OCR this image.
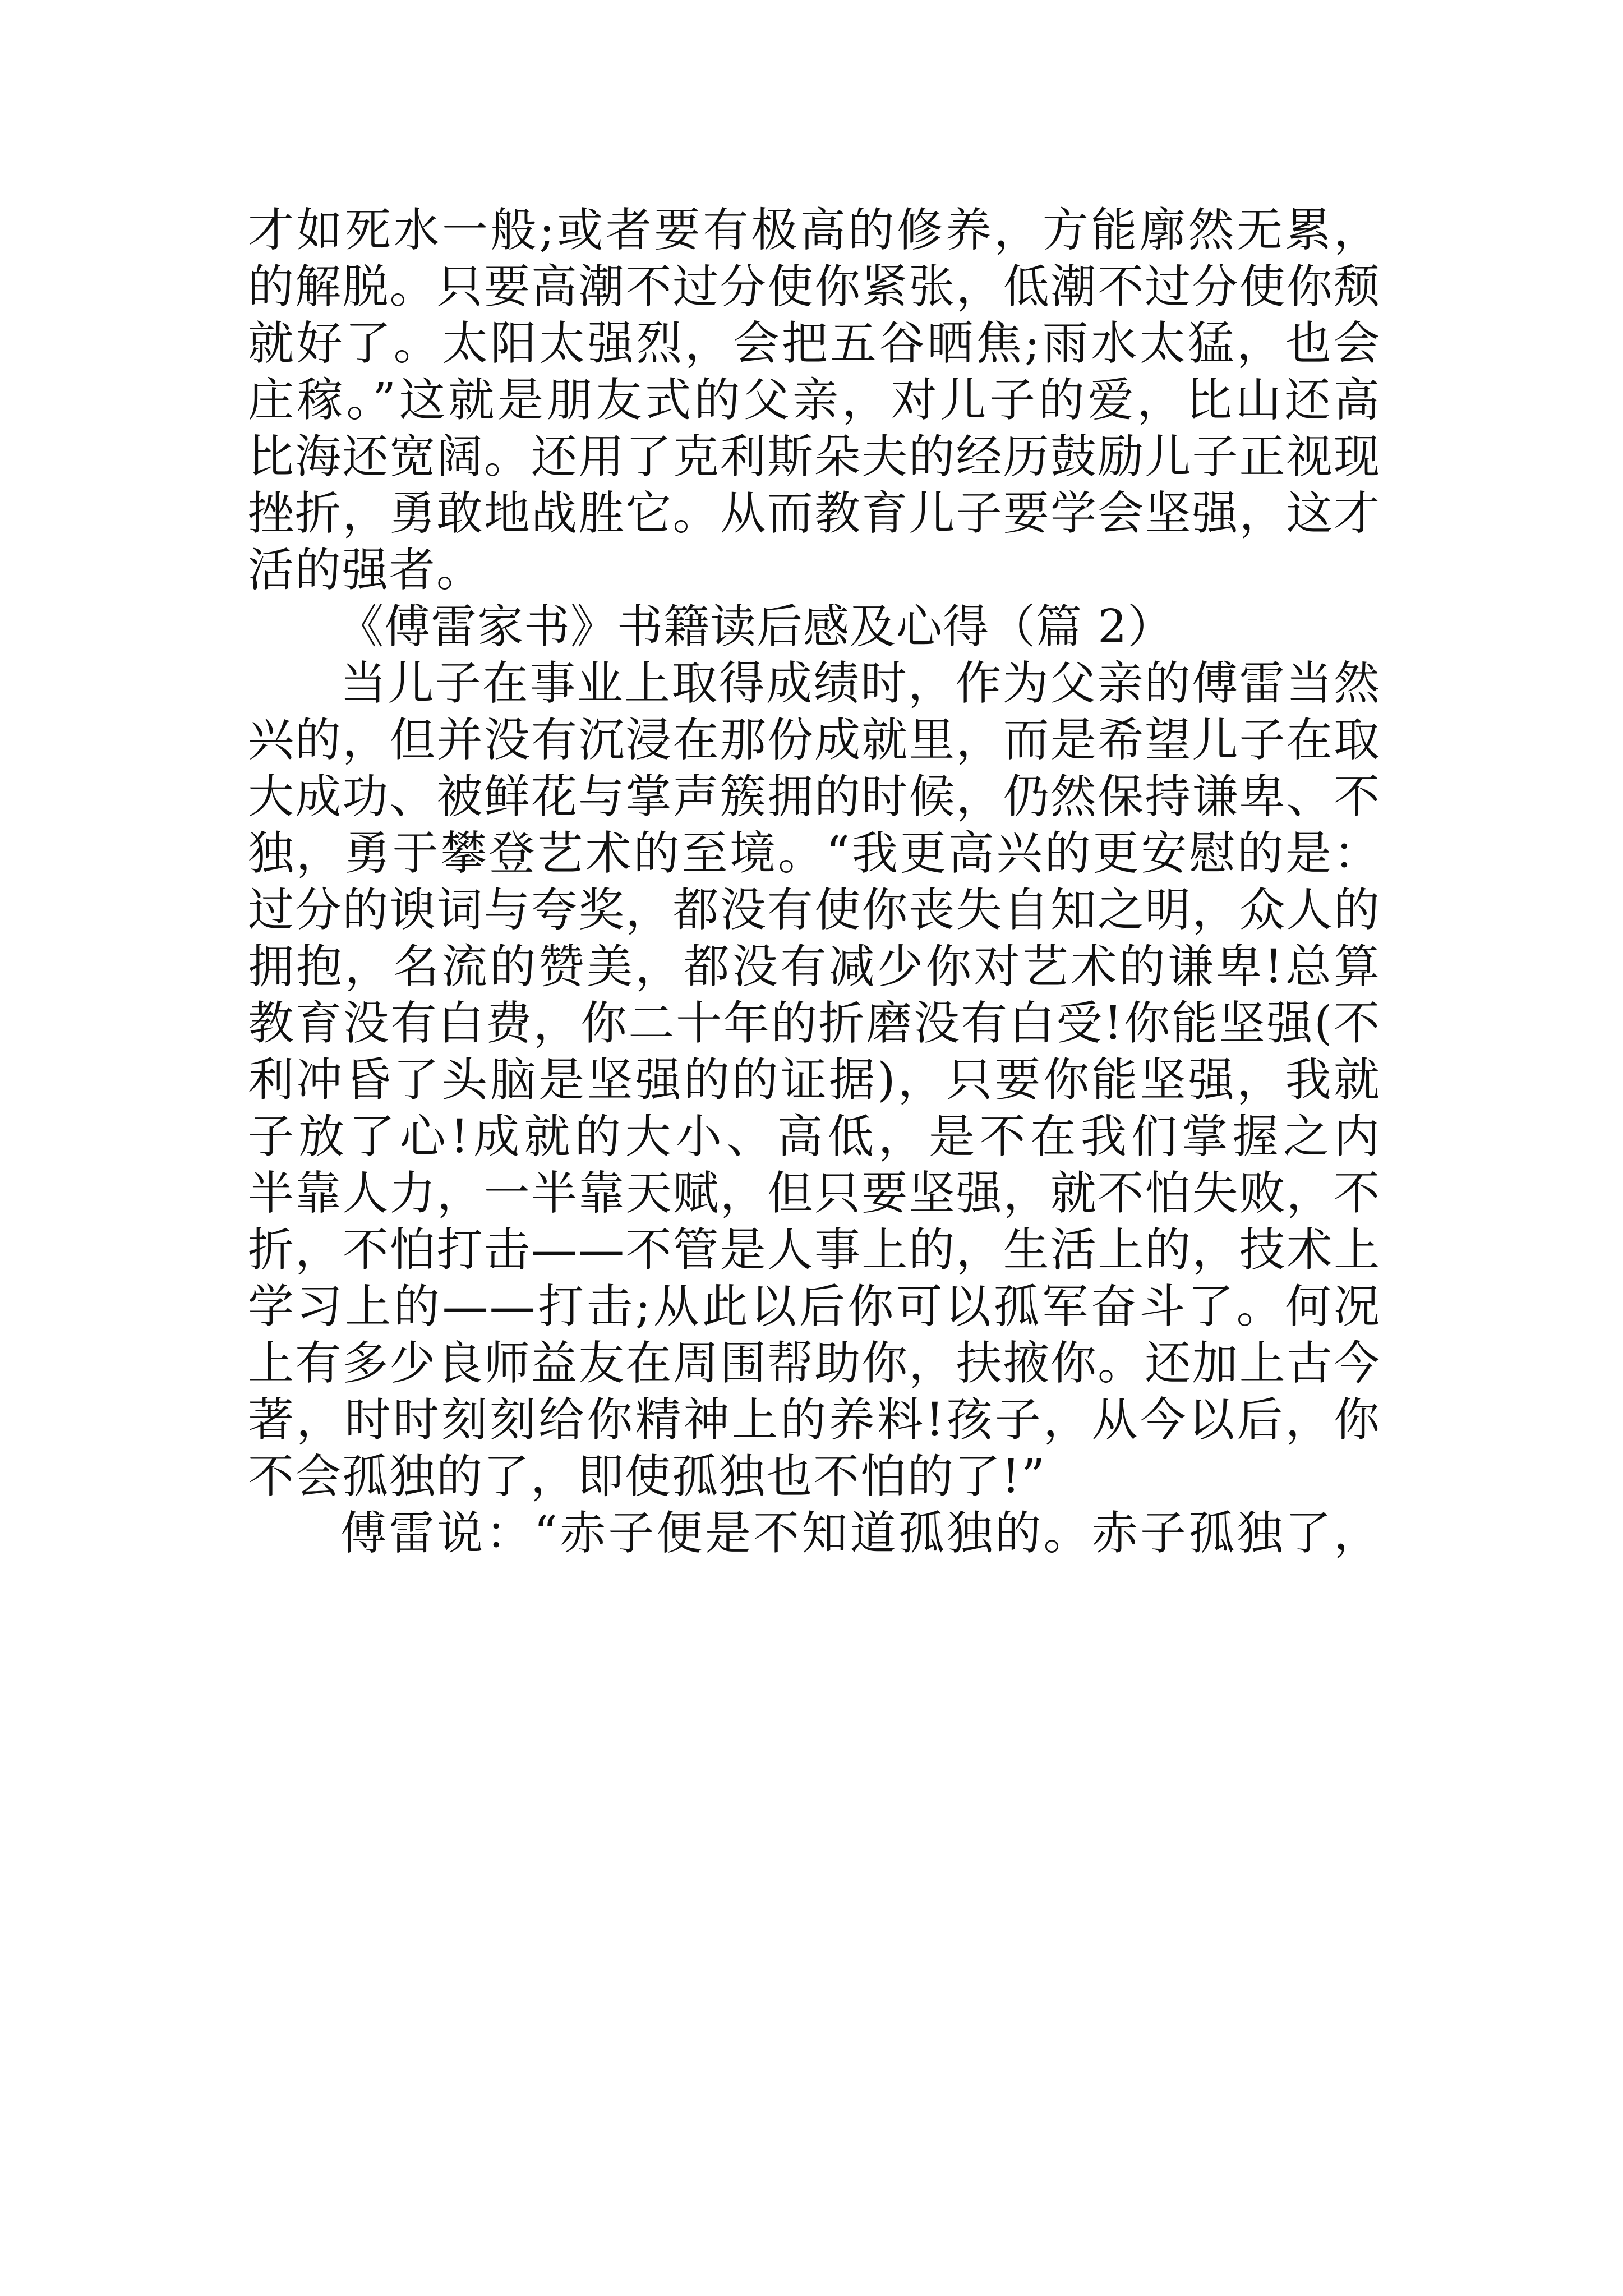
才如死水一般;或者要有极高的修养，方能廓然无累，
的解脱。只要高潮不过分使你紧张，低潮不过分使你颓
就好了。太阳太强烈，会把五谷晒焦;雨水太猛，也会
庄稼。”这就是朋友式的父亲，对儿子的爱，比山还高
比海还宽阔。还用了克利斯朵夫的经历鼓励儿子正视现
挫折，勇敢地战胜它。从而教育儿子要学会坚强，这才
活的强者。
《傅雷家书》书籍读后感及心得（篇 2）
当儿子在事业上取得成绩时，作为父亲的傅雷当然
兴的，但并没有沉浸在那份成就里，而是希望儿子在取
大成功、被鲜花与掌声簇拥的时候，仍然保持谦卑、不
独，勇于攀登艺术的至境。“我更高兴的更安慰的是：
过分的谀词与夸奖，都没有使你丧失自知之明，众人的
拥抱，名流的赞美，都没有减少你对艺术的谦卑!总算
教育没有白费，你二十年的折磨没有白受!你能坚强(不
利冲昏了头脑是坚强的的证据)，只要你能坚强，我就
子放了心!成就的大小、高低，是不在我们掌握之内
半靠人力，一半靠天赋，但只要坚强，就不怕失败，不
折，不怕打击——不管是人事上的，生活上的，技术上
学习上的——打击;从此以后你可以孤军奋斗了。何况
上有多少良师益友在周围帮助你，扶掖你。还加上古今
著，时时刻刻给你精神上的养料!孩子，从今以后，你
不会孤独的了，即使孤独也不怕的了!”
傅雷说：“赤子便是不知道孤独的。赤子孤独了，
